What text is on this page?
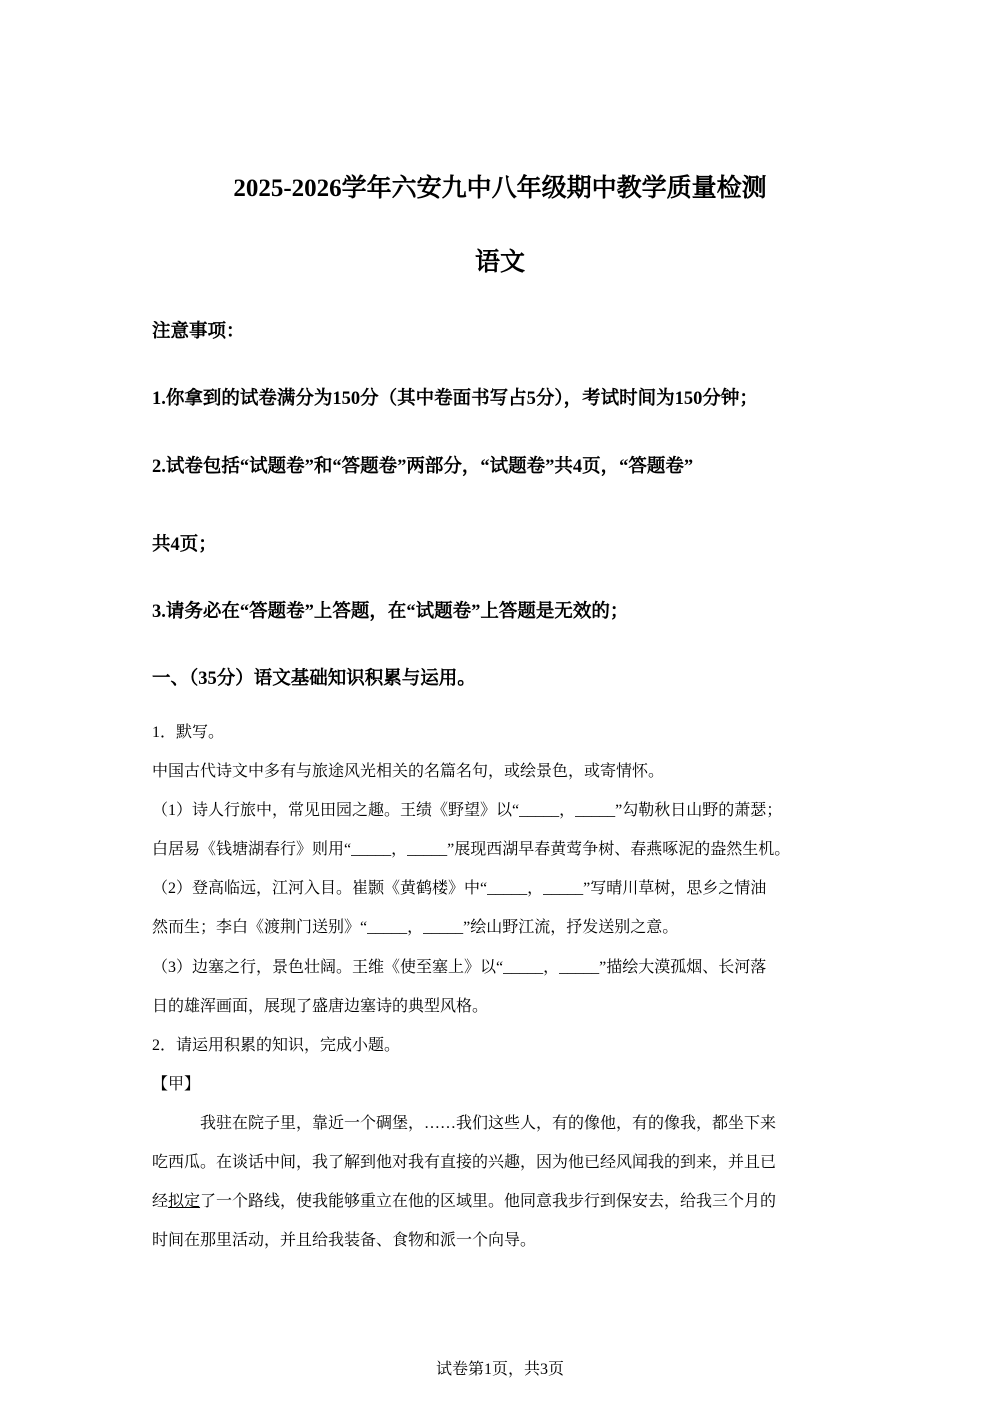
2025-2026学年六安九中八年级期中教学质量检测
语文
注意事项：
1.你拿到的试卷满分为150分（其中卷面书写占5分），考试时间为150分钟；
2.试卷包括“试题卷”和“答题卷”两部分，“试题卷”共4页，“答题卷”
共4页；
3.请务必在“答题卷”上答题，在“试题卷”上答题是无效的；
一、（35分）语文基础知识积累与运用。
1．默写。
中国古代诗文中多有与旅途风光相关的名篇名句，或绘景色，或寄情怀。
（1）诗人行旅中，常见田园之趣。王绩《野望》以“_____，_____”勾勒秋日山野的萧瑟；
白居易《钱塘湖春行》则用“_____，_____”展现西湖早春黄莺争树、春燕啄泥的盎然生机。
（2）登高临远，江河入目。崔颢《黄鹤楼》中“_____，_____”写晴川草树，思乡之情油
然而生；李白《渡荆门送别》“_____，_____”绘山野江流，抒发送别之意。
（3）边塞之行，景色壮阔。王维《使至塞上》以“_____，_____”描绘大漠孤烟、长河落
日的雄浑画面，展现了盛唐边塞诗的典型风格。
2．请运用积累的知识，完成小题。
【甲】
我驻在院子里，靠近一个碉堡，……我们这些人，有的像他，有的像我，都坐下来
吃西瓜。在谈话中间，我了解到他对我有直接的兴趣，因为他已经风闻我的到来，并且已
经拟定了一个路线，使我能够重立在他的区域里。他同意我步行到保安去，给我三个月的
时间在那里活动，并且给我装备、食物和派一个向导。
试卷第1页，共3页
